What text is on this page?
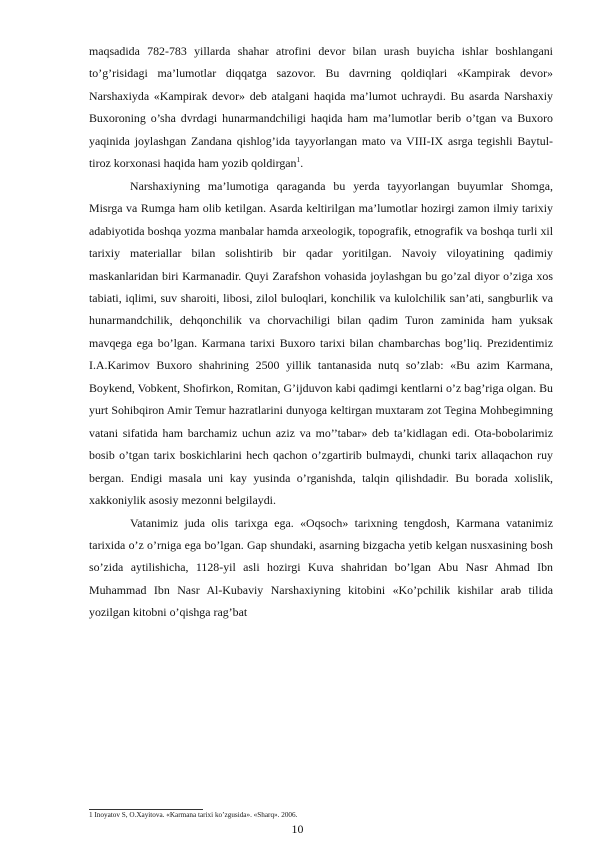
maqsadida 782-783 yillarda shahar atrofini devor bilan urash buyicha ishlar boshlangani to’g’risidagi ma’lumotlar diqqatga sazovor. Bu davrning qoldiqlari «Kampirak devor» Narshaxiyda «Kampirak devor» deb atalgani haqida ma’lumot uchraydi. Bu asarda Narshaxiy Buxoroning o’sha dvrdagi hunarmandchiligi haqida ham ma’lumotlar berib o’tgan va Buxoro yaqinida joylashgan Zandana qishlog’ida tayyorlangan mato va VIII-IX asrga tegishli Baytul-tiroz korxonasi haqida ham yozib qoldirgan$^1$.

Narshaxiyning ma’lumotiga qaraganda bu yerda tayyorlangan buyumlar Shomga, Misrga va Rumga ham olib ketilgan. Asarda keltirilgan ma’lumotlar hozirgi zamon ilmiy tarixiy adabiyotida boshqa yozma manbalar hamda arxeologik, topografik, etnografik va boshqa turli xil tarixiy materiallar bilan solishtirib bir qadar yoritilgan. Navoiy viloyatining qadimiy maskanlaridan biri Karmanadir. Quyi Zarafshon vohasida joylashgan bu go’zal diyor o’ziga xos tabiati, iqlimi, suv sharoiti, libosi, zilol buloqlari, konchilik va kulolchilik san’ati, sangburlik va hunarmandchilik, dehqonchilik va chorvachiligi bilan qadim Turon zaminida ham yuksak mavqega ega bo’lgan. Karmana tarixi Buxoro tarixi bilan chambarchas bog’liq. Prezidentimiz I.A.Karimov Buxoro shahrining 2500 yillik tantanasida nutq so’zlab: «Bu azim Karmana, Boykend, Vobkent, Shofirkon, Romitan, G’ijduvon kabi qadimgi kentlarni o’z bag’riga olgan. Bu yurt Sohibqiron Amir Temur hazratlarini dunyoga keltirgan muxtaram zot Tegina Mohbegimning vatani sifatida ham barchamiz uchun aziz va mo’’tabar» deb ta’kidlagan edi. Ota-bobolarimiz bosib o’tgan tarix boskichlarini hech qachon o’zgartirib bulmaydi, chunki tarix allaqachon ruy bergan. Endigi masala uni kay yusinda o’rganishda, talqin qilishdadir. Bu borada xolislik, xakkoniylik asosiy mezonni belgilaydi.

Vatanimiz juda olis tarixga ega. «Oqsoch» tarixning tengdosh, Karmana vatanimiz tarixida o’z o’rniga ega bo’lgan. Gap shundaki, asarning bizgacha yetib kelgan nusxasining bosh so’zida aytilishicha, 1128-yil asli hozirgi Kuva shahridan bo’lgan Abu Nasr Ahmad Ibn Muhammad Ibn Nasr Al-Kubaviy Narshaxiyning kitobini «Ko’pchilik kishilar arab tilida yozilgan kitobni o’qishga rag’bat

1 Inoyatov S, O.Xayitova. «Karmana tarixi ko’zgusida». «Sharq». 2006.
10
